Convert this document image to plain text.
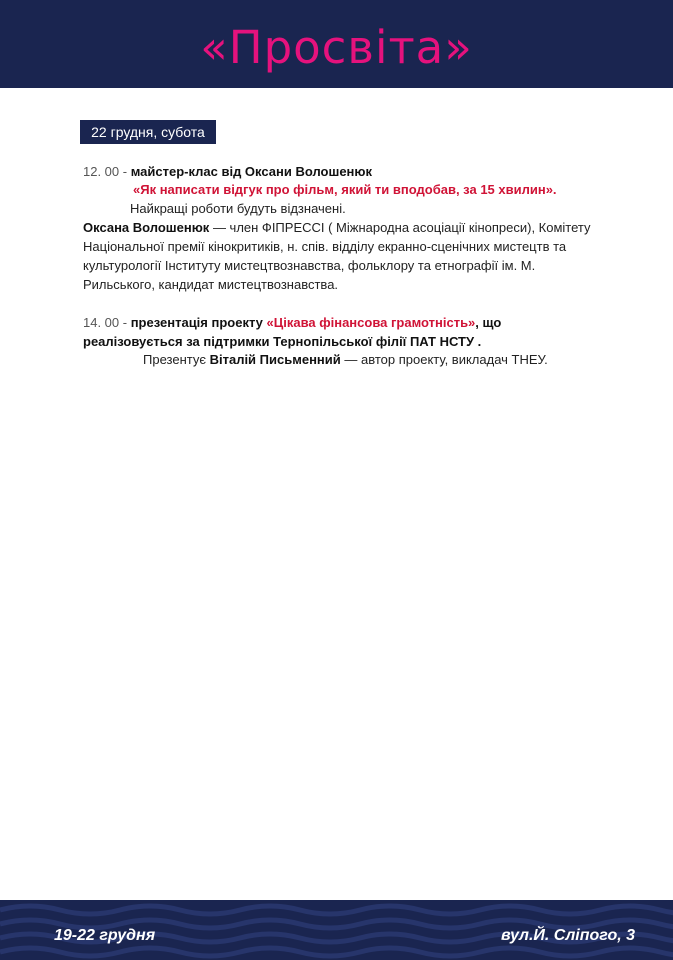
«Просвіта»
22 грудня, субота
12. 00 - майстер-клас від Оксани Волошенюк
«Як написати відгук про фільм, який ти вподобав, за 15 хвилин».
Найкращі роботи будуть відзначені.
Оксана Волошенюк — член ФІПРЕССІ ( Міжнародна асоціації кінопреси), Комітету
Національної премії кінокритиків, н. спів. відділу екранно-сценічних мистецтв та
культурології Інституту мистецтвознавства, фольклору та етнографії ім. М.
Рильського, кандидат мистецтвознавства.
14. 00 - презентація проекту «Цікава фінансова грамотність», що
реалізовується за підтримки Тернопільської філії ПАТ НСТУ .
Презентує Віталій Письменний — автор проекту, викладач ТНЕУ.
19-22 грудня	вул.Й. Сліпого, 3
